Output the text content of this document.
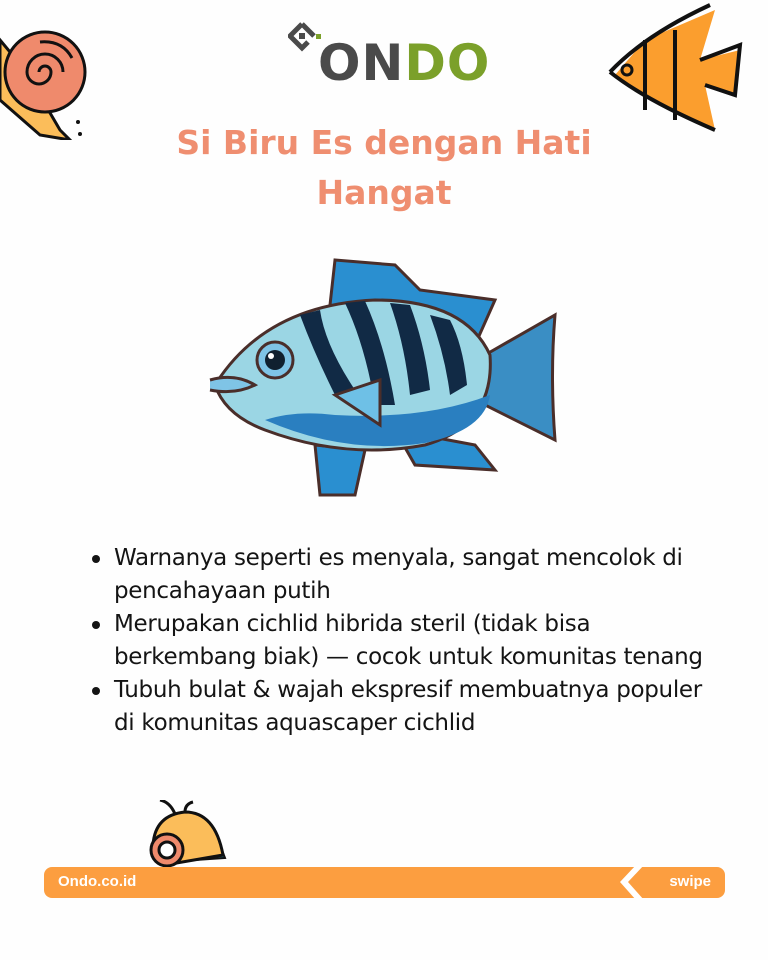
ONDO
Si Biru Es dengan Hati Hangat
Warnanya seperti es menyala, sangat mencolok di pencahayaan putih
Merupakan cichlid hibrida steril (tidak bisa berkembang biak) — cocok untuk komunitas tenang
Tubuh bulat & wajah ekspresif membuatnya populer di komunitas aquascaper cichlid
Ondo.co.id	swipe
